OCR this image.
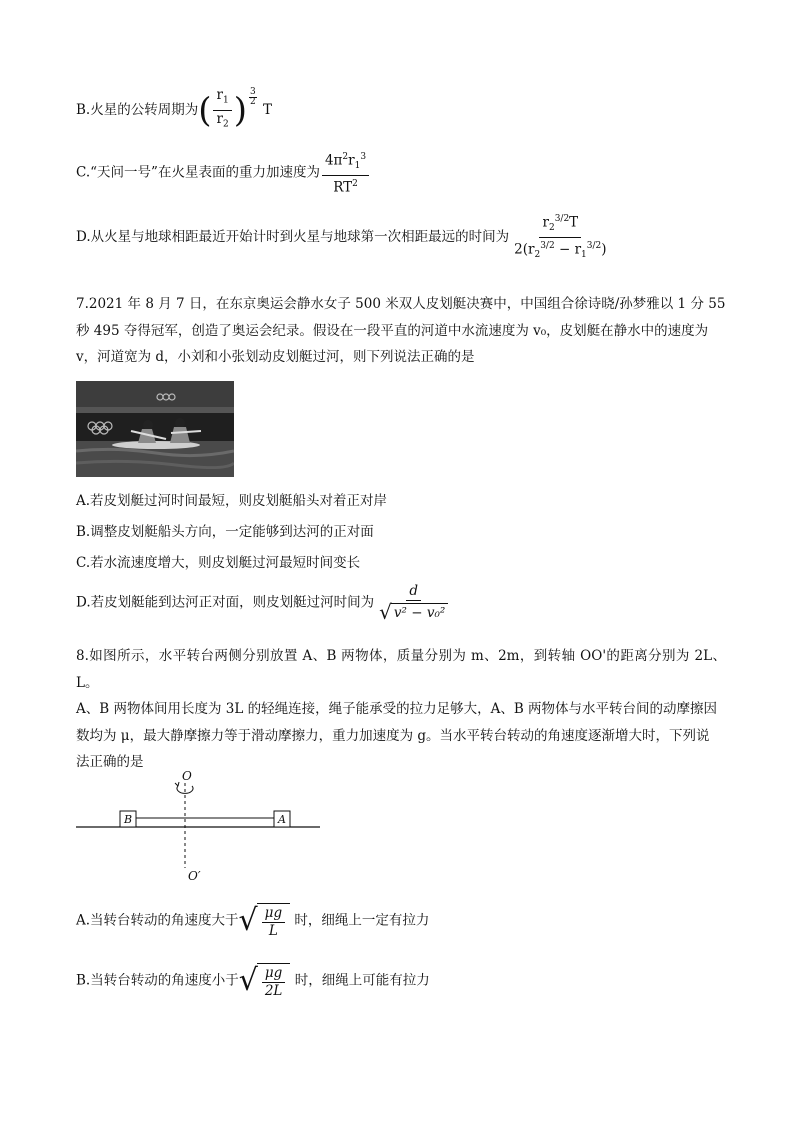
B.火星的公转周期为( $\frac{r_1}{r_2}$ ) $\frac{3}{2}$
T
C.“天问一号”在火星表面的重力加速度为 $\frac{4\pi^2r_1^3}{RT^2}$
D.从火星与地球相距最近开始计时到火星与地球第一次相距最远的时间为 $\frac{r_2^{3/2}T}{2(r_2^{3/2} - r_1^{3/2})}$
7.2021 年 8 月 7 日，在东京奥运会静水女子 500 米双人皮划艇决赛中，中国组合徐诗晓/孙梦雅以 1 分 55
秒 495 夺得冠军，创造了奥运会纪录。假设在一段平直的河道中水流速度为 v₀，皮划艇在静水中的速度为
v，河道宽为 d，小刘和小张划动皮划艇过河，则下列说法正确的是
A.若皮划艇过河时间最短，则皮划艇船头对着正对岸
B.调整皮划艇船头方向，一定能够到达河的正对面
C.若水流速度增大，则皮划艇过河最短时间变长
D.若皮划艇能到达河正对面，则皮划艇过河时间为 $\frac{d}{\text{√ v² − v₀²}}$
8.如图所示，水平转台两侧分别放置 A、B 两物体，质量分别为 m、2m，到转轴 OO'的距离分别为 2L、L。
A、B 两物体间用长度为 3L 的轻绳连接，绳子能承受的拉力足够大，A、B 两物体与水平转台间的动摩擦因
数均为 μ，最大静摩擦力等于滑动摩擦力，重力加速度为 g。当水平转台转动的角速度逐渐增大时，下列说
法正确的是
O
B	A
O′
A.当转台转动的角速度大于 √ $\frac{\mu g}{L}$ 时，细绳上一定有拉力
B.当转台转动的角速度小于 √ $\frac{\mu g}{2L}$ 时，细绳上可能有拉力
